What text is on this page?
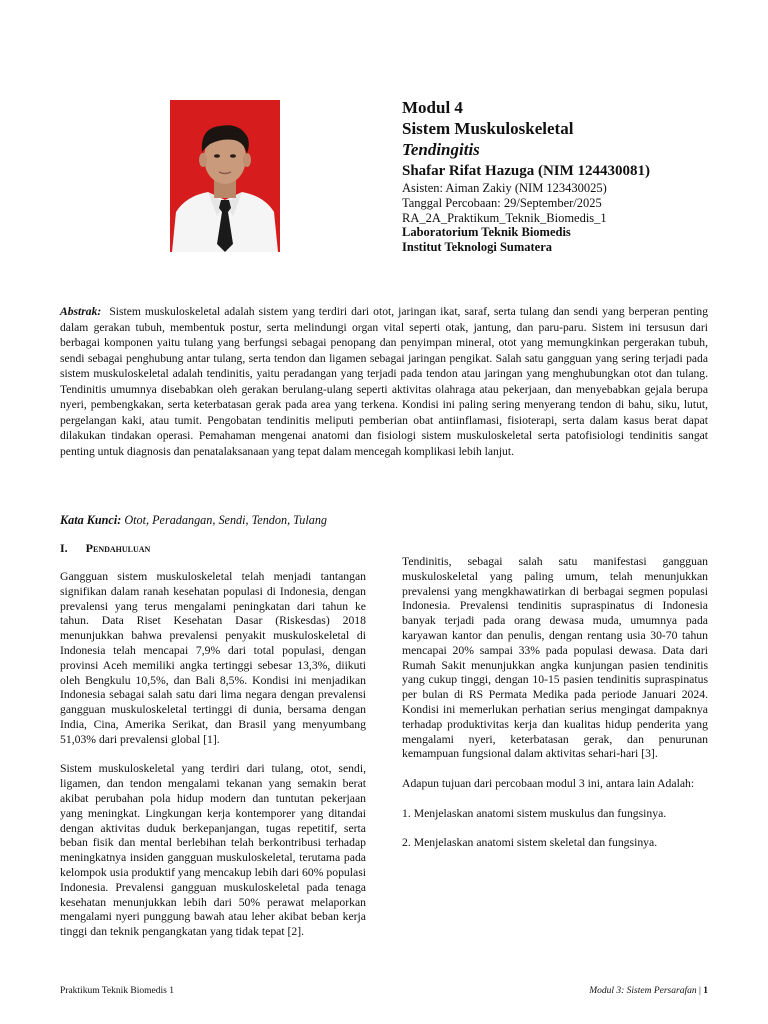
Modul 4
Sistem Muskuloskeletal
Tendingitis
Shafar Rifat Hazuga (NIM 124430081)
Asisten: Aiman Zakiy (NIM 123430025)
Tanggal Percobaan: 29/September/2025
RA_2A_Praktikum_Teknik_Biomedis_1
Laboratorium Teknik Biomedis
Institut Teknologi Sumatera
Abstrak: Sistem muskuloskeletal adalah sistem yang terdiri dari otot, jaringan ikat, saraf, serta tulang dan sendi yang berperan penting dalam gerakan tubuh, membentuk postur, serta melindungi organ vital seperti otak, jantung, dan paru-paru. Sistem ini tersusun dari berbagai komponen yaitu tulang yang berfungsi sebagai penopang dan penyimpan mineral, otot yang memungkinkan pergerakan tubuh, sendi sebagai penghubung antar tulang, serta tendon dan ligamen sebagai jaringan pengikat. Salah satu gangguan yang sering terjadi pada sistem muskuloskeletal adalah tendinitis, yaitu peradangan yang terjadi pada tendon atau jaringan yang menghubungkan otot dan tulang. Tendinitis umumnya disebabkan oleh gerakan berulang-ulang seperti aktivitas olahraga atau pekerjaan, dan menyebabkan gejala berupa nyeri, pembengkakan, serta keterbatasan gerak pada area yang terkena. Kondisi ini paling sering menyerang tendon di bahu, siku, lutut, pergelangan kaki, atau tumit. Pengobatan tendinitis meliputi pemberian obat antiinflamasi, fisioterapi, serta dalam kasus berat dapat dilakukan tindakan operasi. Pemahaman mengenai anatomi dan fisiologi sistem muskuloskeletal serta patofisiologi tendinitis sangat penting untuk diagnosis dan penatalaksanaan yang tepat dalam mencegah komplikasi lebih lanjut.
Kata Kunci: Otot, Peradangan, Sendi, Tendon, Tulang
I. Pendahuluan

Gangguan sistem muskuloskeletal telah menjadi tantangan signifikan dalam ranah kesehatan populasi di Indonesia, dengan prevalensi yang terus mengalami peningkatan dari tahun ke tahun. Data Riset Kesehatan Dasar (Riskesdas) 2018 menunjukkan bahwa prevalensi penyakit muskuloskeletal di Indonesia telah mencapai 7,9% dari total populasi, dengan provinsi Aceh memiliki angka tertinggi sebesar 13,3%, diikuti oleh Bengkulu 10,5%, dan Bali 8,5%. Kondisi ini menjadikan Indonesia sebagai salah satu dari lima negara dengan prevalensi gangguan muskuloskeletal tertinggi di dunia, bersama dengan India, Cina, Amerika Serikat, dan Brasil yang menyumbang 51,03% dari prevalensi global [1].

Sistem muskuloskeletal yang terdiri dari tulang, otot, sendi, ligamen, dan tendon mengalami tekanan yang semakin berat akibat perubahan pola hidup modern dan tuntutan pekerjaan yang meningkat. Lingkungan kerja kontemporer yang ditandai dengan aktivitas duduk berkepanjangan, tugas repetitif, serta beban fisik dan mental berlebihan telah berkontribusi terhadap meningkatnya insiden gangguan muskuloskeletal, terutama pada kelompok usia produktif yang mencakup lebih dari 60% populasi Indonesia. Prevalensi gangguan muskuloskeletal pada tenaga kesehatan menunjukkan lebih dari 50% perawat melaporkan mengalami nyeri punggung bawah atau leher akibat beban kerja tinggi dan teknik pengangkatan yang tidak tepat [2].

Tendinitis, sebagai salah satu manifestasi gangguan muskuloskeletal yang paling umum, telah menunjukkan prevalensi yang mengkhawatirkan di berbagai segmen populasi Indonesia. Prevalensi tendinitis supraspinatus di Indonesia banyak terjadi pada orang dewasa muda, umumnya pada karyawan kantor dan penulis, dengan rentang usia 30-70 tahun mencapai 20% sampai 33% pada populasi dewasa. Data dari Rumah Sakit menunjukkan angka kunjungan pasien tendinitis yang cukup tinggi, dengan 10-15 pasien tendinitis supraspinatus per bulan di RS Permata Medika pada periode Januari 2024. Kondisi ini memerlukan perhatian serius mengingat dampaknya terhadap produktivitas kerja dan kualitas hidup penderita yang mengalami nyeri, keterbatasan gerak, dan penurunan kemampuan fungsional dalam aktivitas sehari-hari [3].

Adapun tujuan dari percobaan modul 3 ini, antara lain Adalah:

1. Menjelaskan anatomi sistem muskulus dan fungsinya.

2. Menjelaskan anatomi sistem skeletal dan fungsinya.

Praktikum Teknik Biomedis 1	Modul 3: Sistem Persarafan | 1
